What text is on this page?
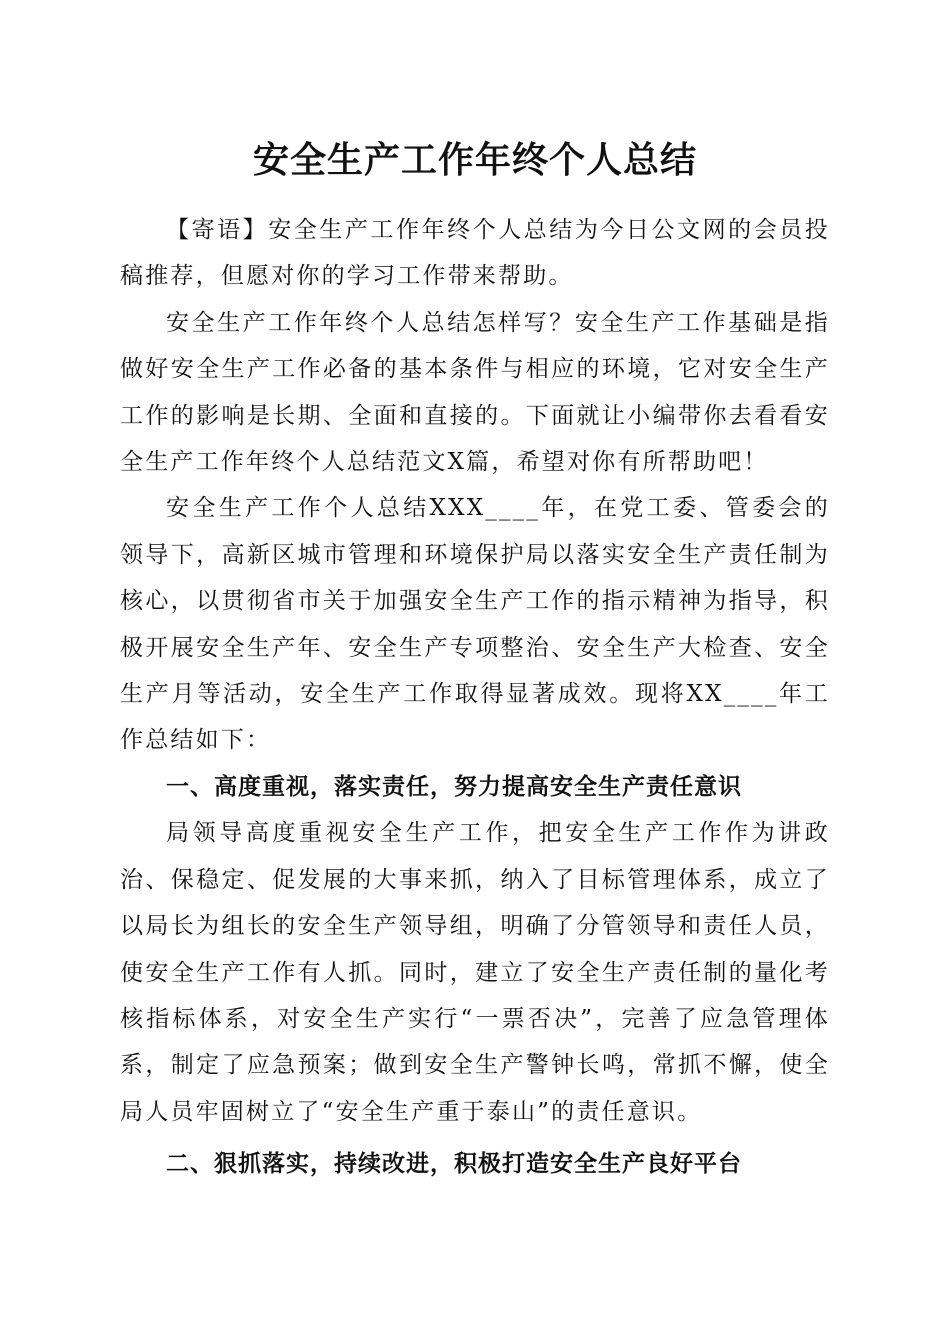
安全生产工作年终个人总结

【寄语】安全生产工作年终个人总结为今日公文网的会员投稿推荐，但愿对你的学习工作带来帮助。

安全生产工作年终个人总结怎样写？安全生产工作基础是指做好安全生产工作必备的基本条件与相应的环境，它对安全生产工作的影响是长期、全面和直接的。下面就让小编带你去看看安全生产工作年终个人总结范文X篇，希望对你有所帮助吧！

安全生产工作个人总结XXX____年，在党工委、管委会的领导下，高新区城市管理和环境保护局以落实安全生产责任制为核心，以贯彻省市关于加强安全生产工作的指示精神为指导，积极开展安全生产年、安全生产专项整治、安全生产大检查、安全生产月等活动，安全生产工作取得显著成效。现将XX____年工作总结如下：

一、高度重视，落实责任，努力提高安全生产责任意识

局领导高度重视安全生产工作，把安全生产工作作为讲政治、保稳定、促发展的大事来抓，纳入了目标管理体系，成立了以局长为组长的安全生产领导组，明确了分管领导和责任人员，使安全生产工作有人抓。同时，建立了安全生产责任制的量化考核指标体系，对安全生产实行“一票否决”，完善了应急管理体系，制定了应急预案；做到安全生产警钟长鸣，常抓不懈，使全局人员牢固树立了“安全生产重于泰山”的责任意识。

二、狠抓落实，持续改进，积极打造安全生产良好平台
